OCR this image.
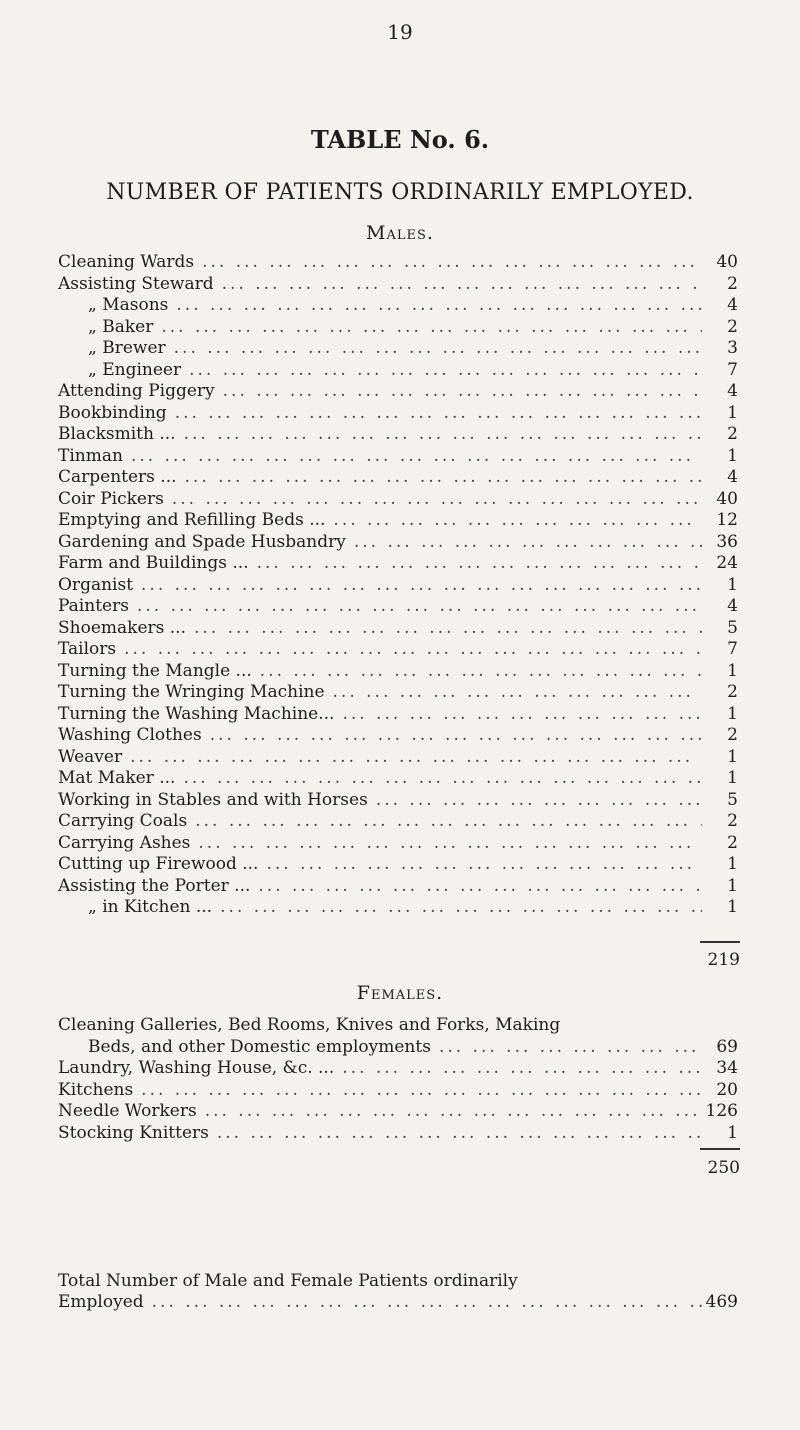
19
TABLE No. 6.
NUMBER OF PATIENTS ORDINARILY EMPLOYED.
Males.
Cleaning Wards ... .	40
Assisting Steward ... .	2
„ Masons ... .	4
„ Baker ... .	2
„ Brewer ... .	3
„ Engineer ... .	7
Attending Piggery ... .	4
Bookbinding ... .	1
Blacksmith ... ... .	2
Tinman ... .	1
Carpenters ... ... .	4
Coir Pickers ... .	40
Emptying and Refilling Beds ... ... .	12
Gardening and Spade Husbandry ... .	36
Farm and Buildings ... ... .	24
Organist ... .	1
Painters ... .	4
Shoemakers ... ... .	5
Tailors ... .	7
Turning the Mangle ... ... .	1
Turning the Wringing Machine ... .	2
Turning the Washing Machine... ... .	1
Washing Clothes ... .	2
Weaver ... .	1
Mat Maker ... ... .	1
Working in Stables and with Horses ... .	5
Carrying Coals ... .	2
Carrying Ashes ... .	2
Cutting up Firewood ... ... .	1
Assisting the Porter ... ... .	1
„ in Kitchen ... ... .	1
219
Females.
Cleaning Galleries, Bed Rooms, Knives and Forks, Making
Beds, and other Domestic employments ... .	69
Laundry, Washing House, &c. ... ... .	34
Kitchens ... .	20
Needle Workers ... .	126
Stocking Knitters ... .	1
250
Total Number of Male and Female Patients ordinarily
Employed ... .	469
